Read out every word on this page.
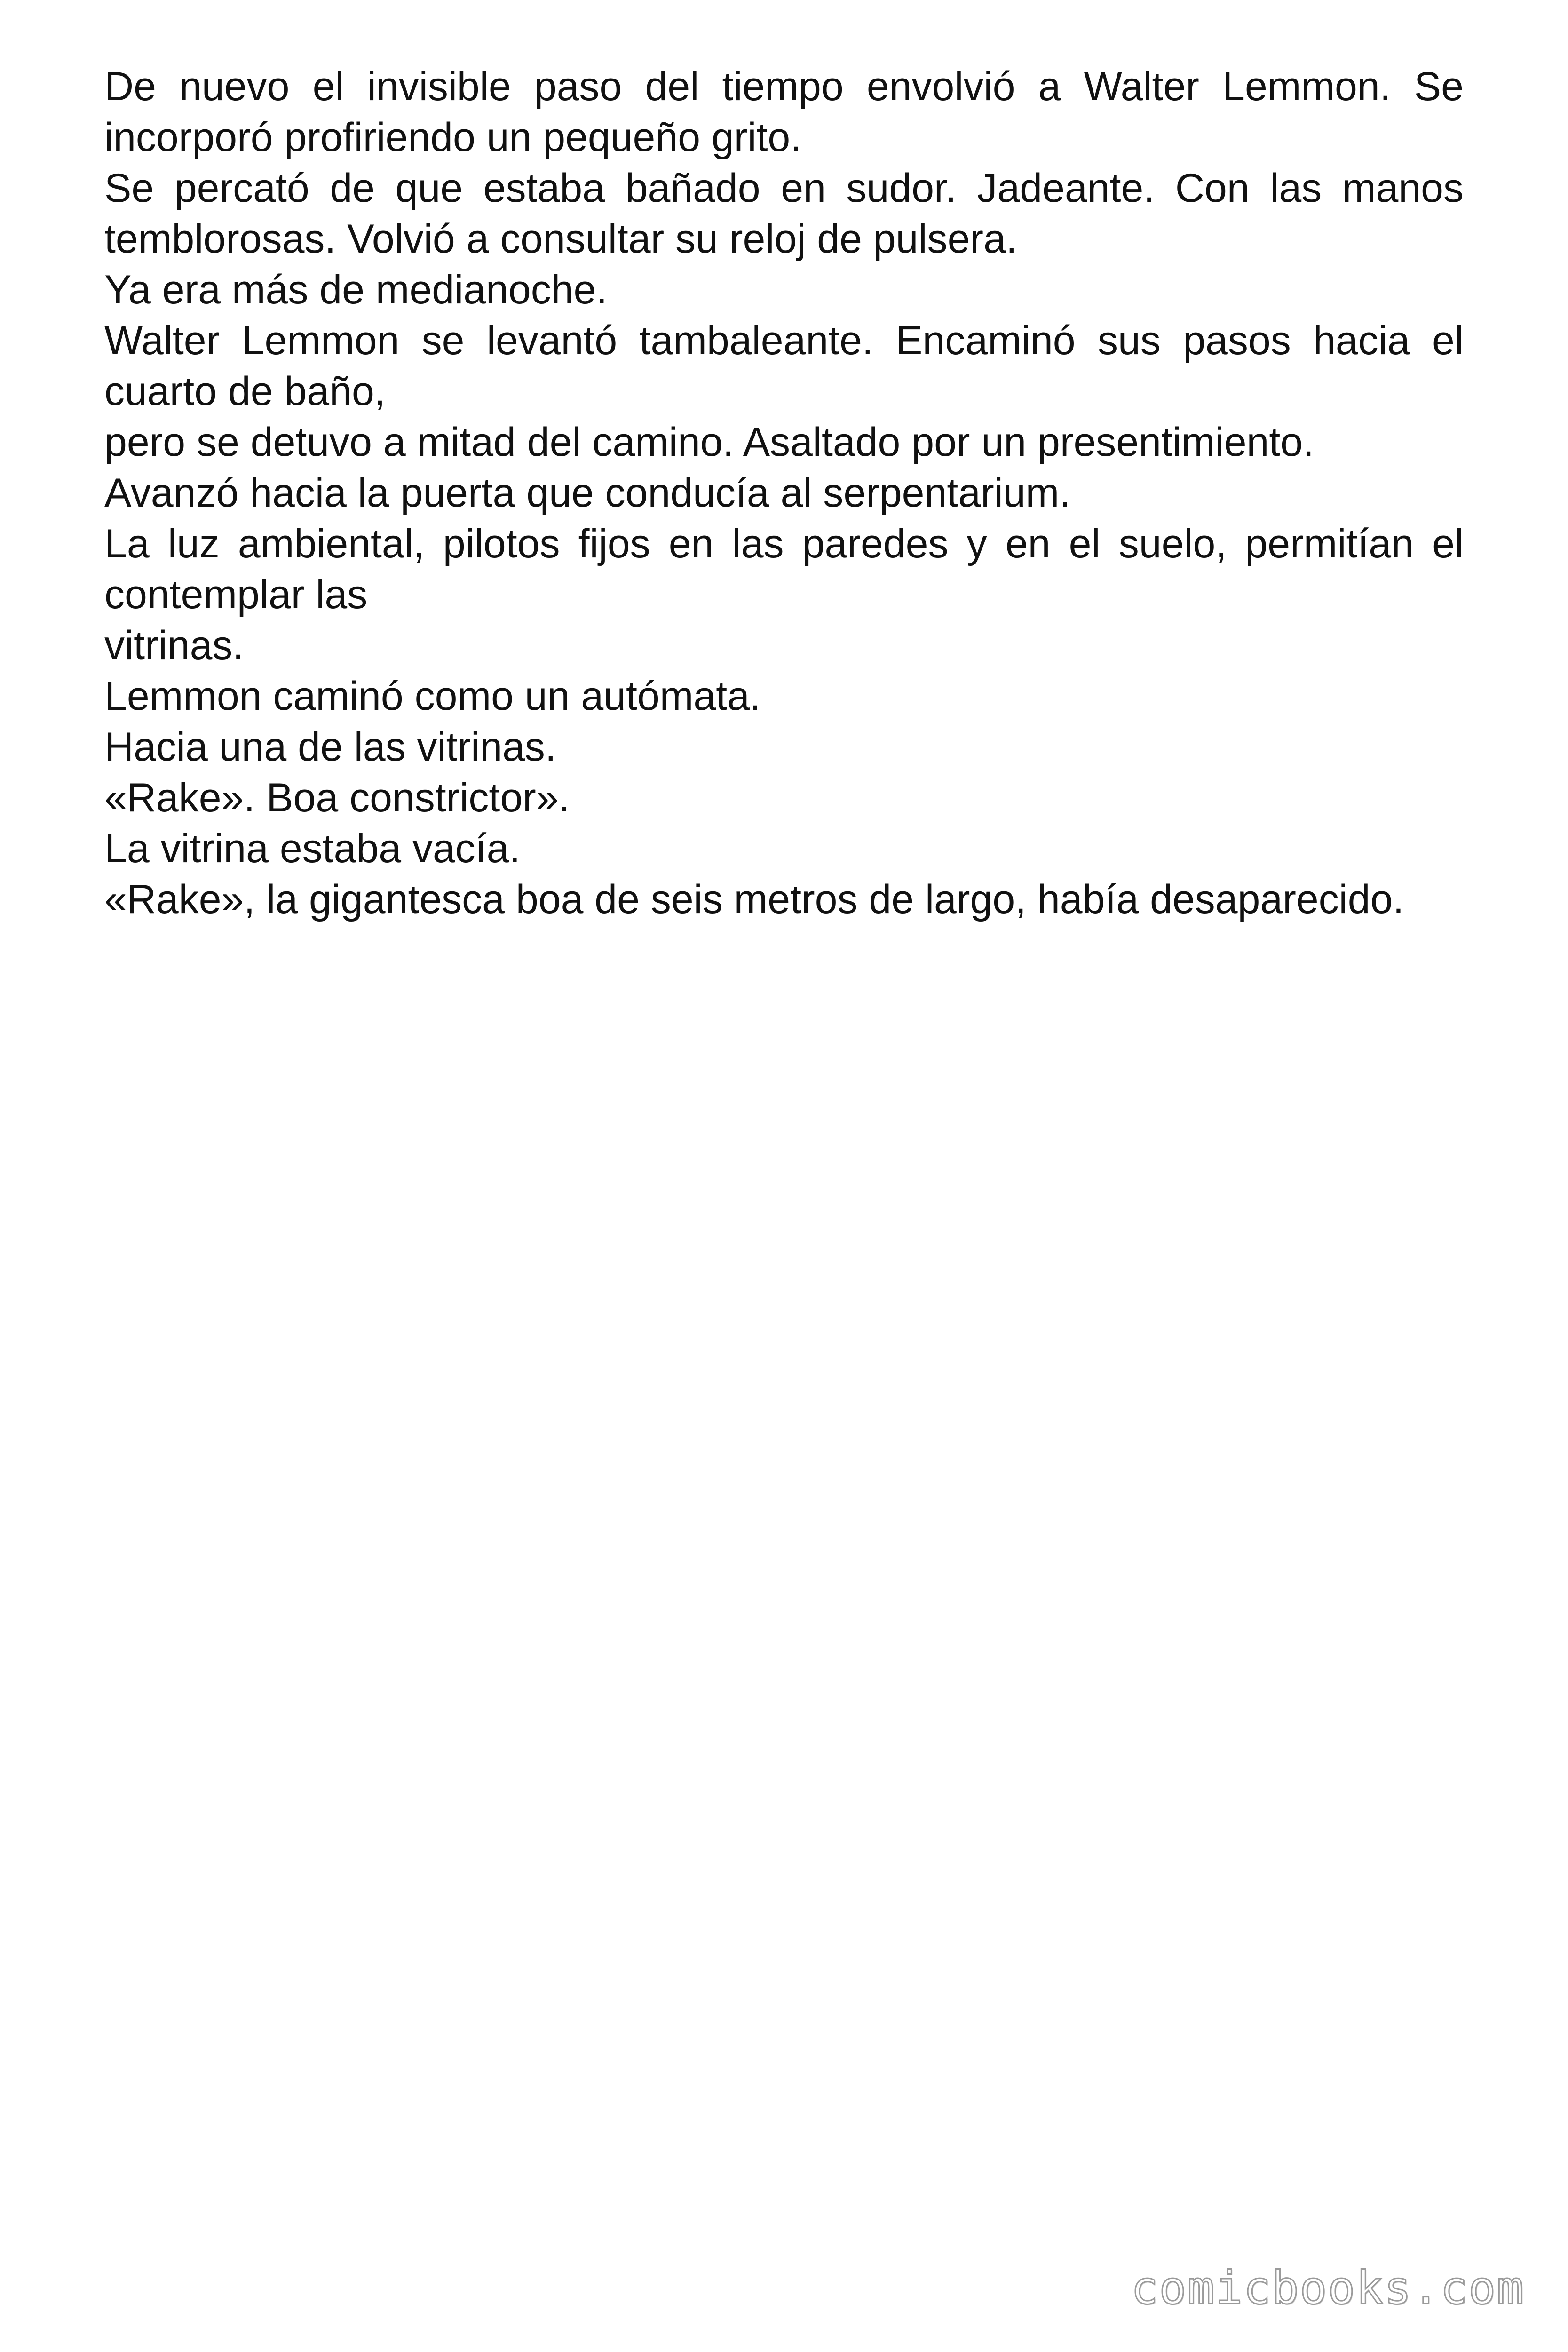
De nuevo el invisible paso del tiempo envolvió a Walter Lemmon. Se incorporó profiriendo un pequeño grito.

Se percató de que estaba bañado en sudor. Jadeante. Con las manos temblorosas. Volvió a consultar su reloj de pulsera.

Ya era más de medianoche.

Walter Lemmon se levantó tambaleante. Encaminó sus pasos hacia el cuarto de baño,

pero se detuvo a mitad del camino. Asaltado por un presentimiento.

Avanzó hacia la puerta que conducía al serpentarium.

La luz ambiental, pilotos fijos en las paredes y en el suelo, permitían el contemplar las

vitrinas.

Lemmon caminó como un autómata.

Hacia una de las vitrinas.

«Rake». Boa constrictor».

La vitrina estaba vacía.

«Rake», la gigantesca boa de seis metros de largo, había desaparecido.

comicbooks.com
